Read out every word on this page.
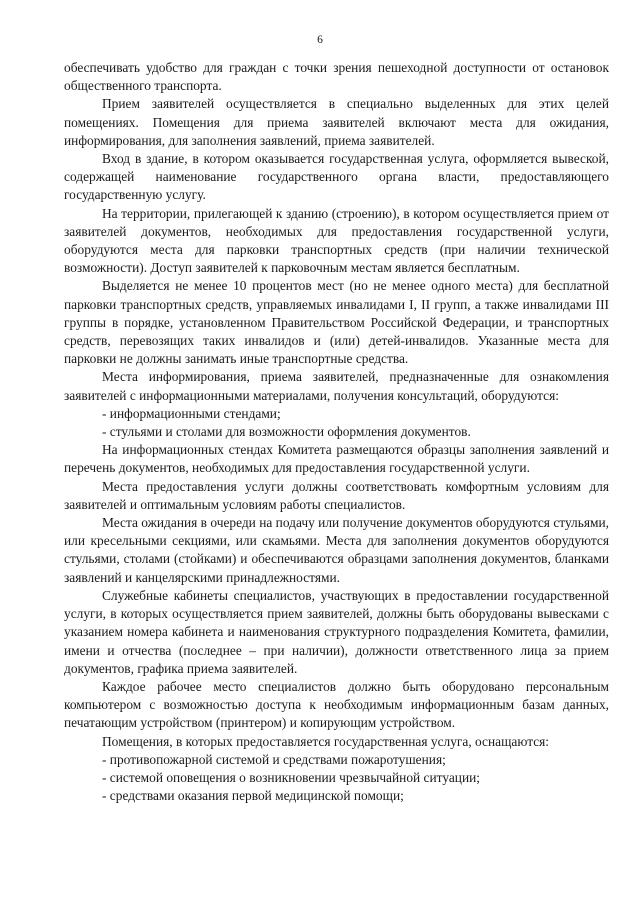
6

обеспечивать удобство для граждан с точки зрения пешеходной доступности от остановок общественного транспорта.

Прием заявителей осуществляется в специально выделенных для этих целей помещениях. Помещения для приема заявителей включают места для ожидания, информирования, для заполнения заявлений, приема заявителей.

Вход в здание, в котором оказывается государственная услуга, оформляется вывеской, содержащей наименование государственного органа власти, предоставляющего государственную услугу.

На территории, прилегающей к зданию (строению), в котором осуществляется прием от заявителей документов, необходимых для предоставления государственной услуги, оборудуются места для парковки транспортных средств (при наличии технической возможности). Доступ заявителей к парковочным местам является бесплатным.

Выделяется не менее 10 процентов мест (но не менее одного места) для бесплатной парковки транспортных средств, управляемых инвалидами I, II групп, а также инвалидами III группы в порядке, установленном Правительством Российской Федерации, и транспортных средств, перевозящих таких инвалидов и (или) детей-инвалидов. Указанные места для парковки не должны занимать иные транспортные средства.

Места информирования, приема заявителей, предназначенные для ознакомления заявителей с информационными материалами, получения консультаций, оборудуются:

- информационными стендами;

- стульями и столами для возможности оформления документов.

На информационных стендах Комитета размещаются образцы заполнения заявлений и перечень документов, необходимых для предоставления государственной услуги.

Места предоставления услуги должны соответствовать комфортным условиям для заявителей и оптимальным условиям работы специалистов.

Места ожидания в очереди на подачу или получение документов оборудуются стульями, или кресельными секциями, или скамьями. Места для заполнения документов оборудуются стульями, столами (стойками) и обеспечиваются образцами заполнения документов, бланками заявлений и канцелярскими принадлежностями.

Служебные кабинеты специалистов, участвующих в предоставлении государственной услуги, в которых осуществляется прием заявителей, должны быть оборудованы вывесками с указанием номера кабинета и наименования структурного подразделения Комитета, фамилии, имени и отчества (последнее – при наличии), должности ответственного лица за прием документов, графика приема заявителей.

Каждое рабочее место специалистов должно быть оборудовано персональным компьютером с возможностью доступа к необходимым информационным базам данных, печатающим устройством (принтером) и копирующим устройством.

Помещения, в которых предоставляется государственная услуга, оснащаются:

- противопожарной системой и средствами пожаротушения;

- системой оповещения о возникновении чрезвычайной ситуации;

- средствами оказания первой медицинской помощи;
